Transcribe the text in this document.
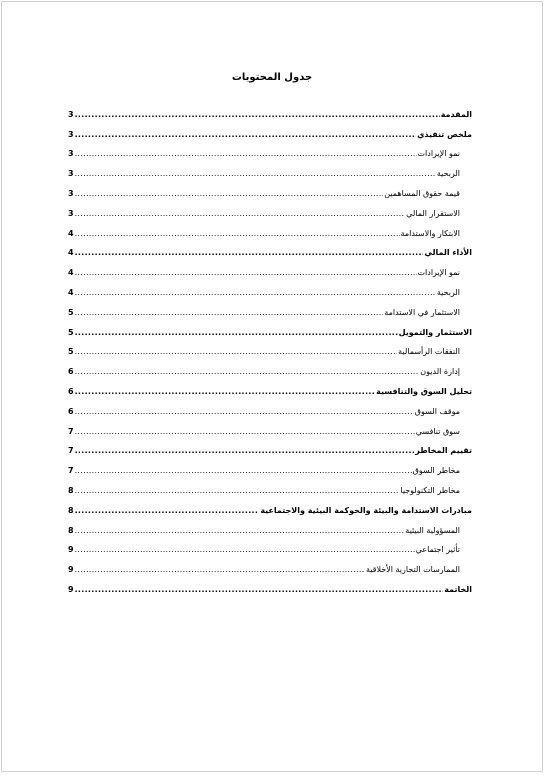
جدول المحتويات
المقدمة
.....
3
ملخص تنفيذي
.....
3
نمو الإيرادات
.....
3
الربحية
.....
3
قيمة حقوق المساهمين
.....
3
الاستقرار المالي
.....
3
الابتكار والاستدامة
.....
4
الأداء المالي
.....
4
نمو الإيرادات
.....
4
الربحية
.....
4
الاستثمار في الاستدامة
.....
5
الاستثمار والتمويل
.....
5
النفقات الرأسمالية
.....
5
إدارة الديون
.....
6
تحليل السوق والتنافسية
.....
6
موقف السوق
.....
6
سوق تنافسي
.....
7
تقييم المخاطر
.....
7
مخاطر السوق
.....
7
مخاطر التكنولوجيا
.....
8
مبادرات الاستدامة والبيئة والحوكمة البيئية والاجتماعية
.....
8
المسؤولية البيئية
.....
8
تأثير اجتماعي
.....
9
الممارسات التجارية الأخلاقية
.....
9
الخاتمة
.....
9
